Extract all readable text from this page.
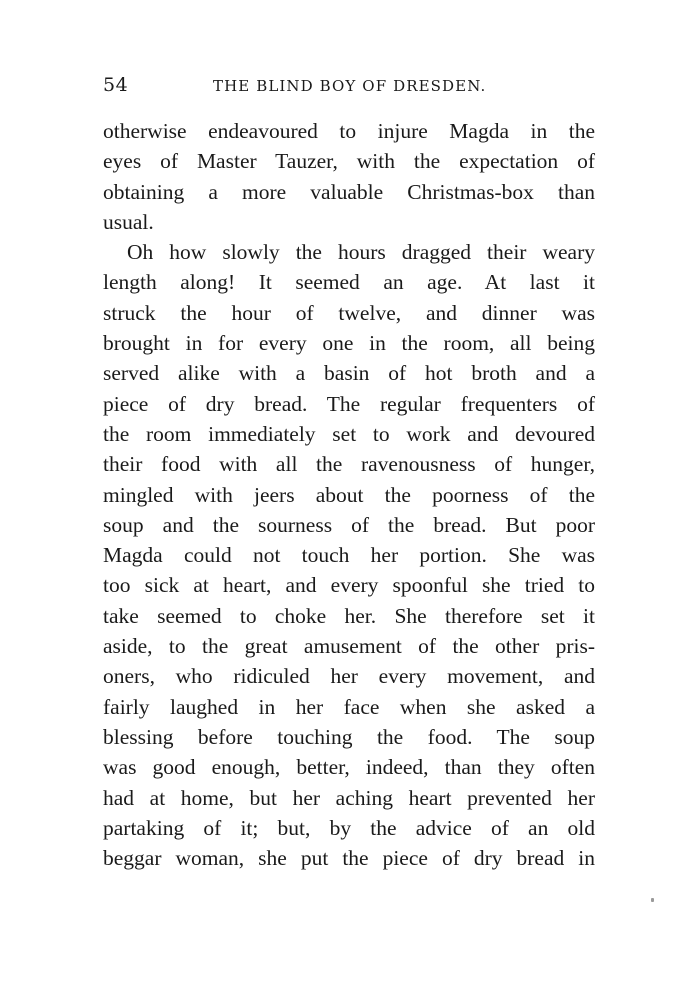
54	THE BLIND BOY OF DRESDEN.
otherwise endeavoured to injure Magda in the
eyes of Master Tauzer, with the expectation of
obtaining a more valuable Christmas-box than
usual.
Oh how slowly the hours dragged their weary
length along! It seemed an age. At last it
struck the hour of twelve, and dinner was
brought in for every one in the room, all being
served alike with a basin of hot broth and a
piece of dry bread. The regular frequenters of
the room immediately set to work and devoured
their food with all the ravenousness of hunger,
mingled with jeers about the poorness of the
soup and the sourness of the bread. But poor
Magda could not touch her portion. She was
too sick at heart, and every spoonful she tried to
take seemed to choke her. She therefore set it
aside, to the great amusement of the other pris-
oners, who ridiculed her every movement, and
fairly laughed in her face when she asked a
blessing before touching the food. The soup
was good enough, better, indeed, than they often
had at home, but her aching heart prevented her
partaking of it; but, by the advice of an old
beggar woman, she put the piece of dry bread in
